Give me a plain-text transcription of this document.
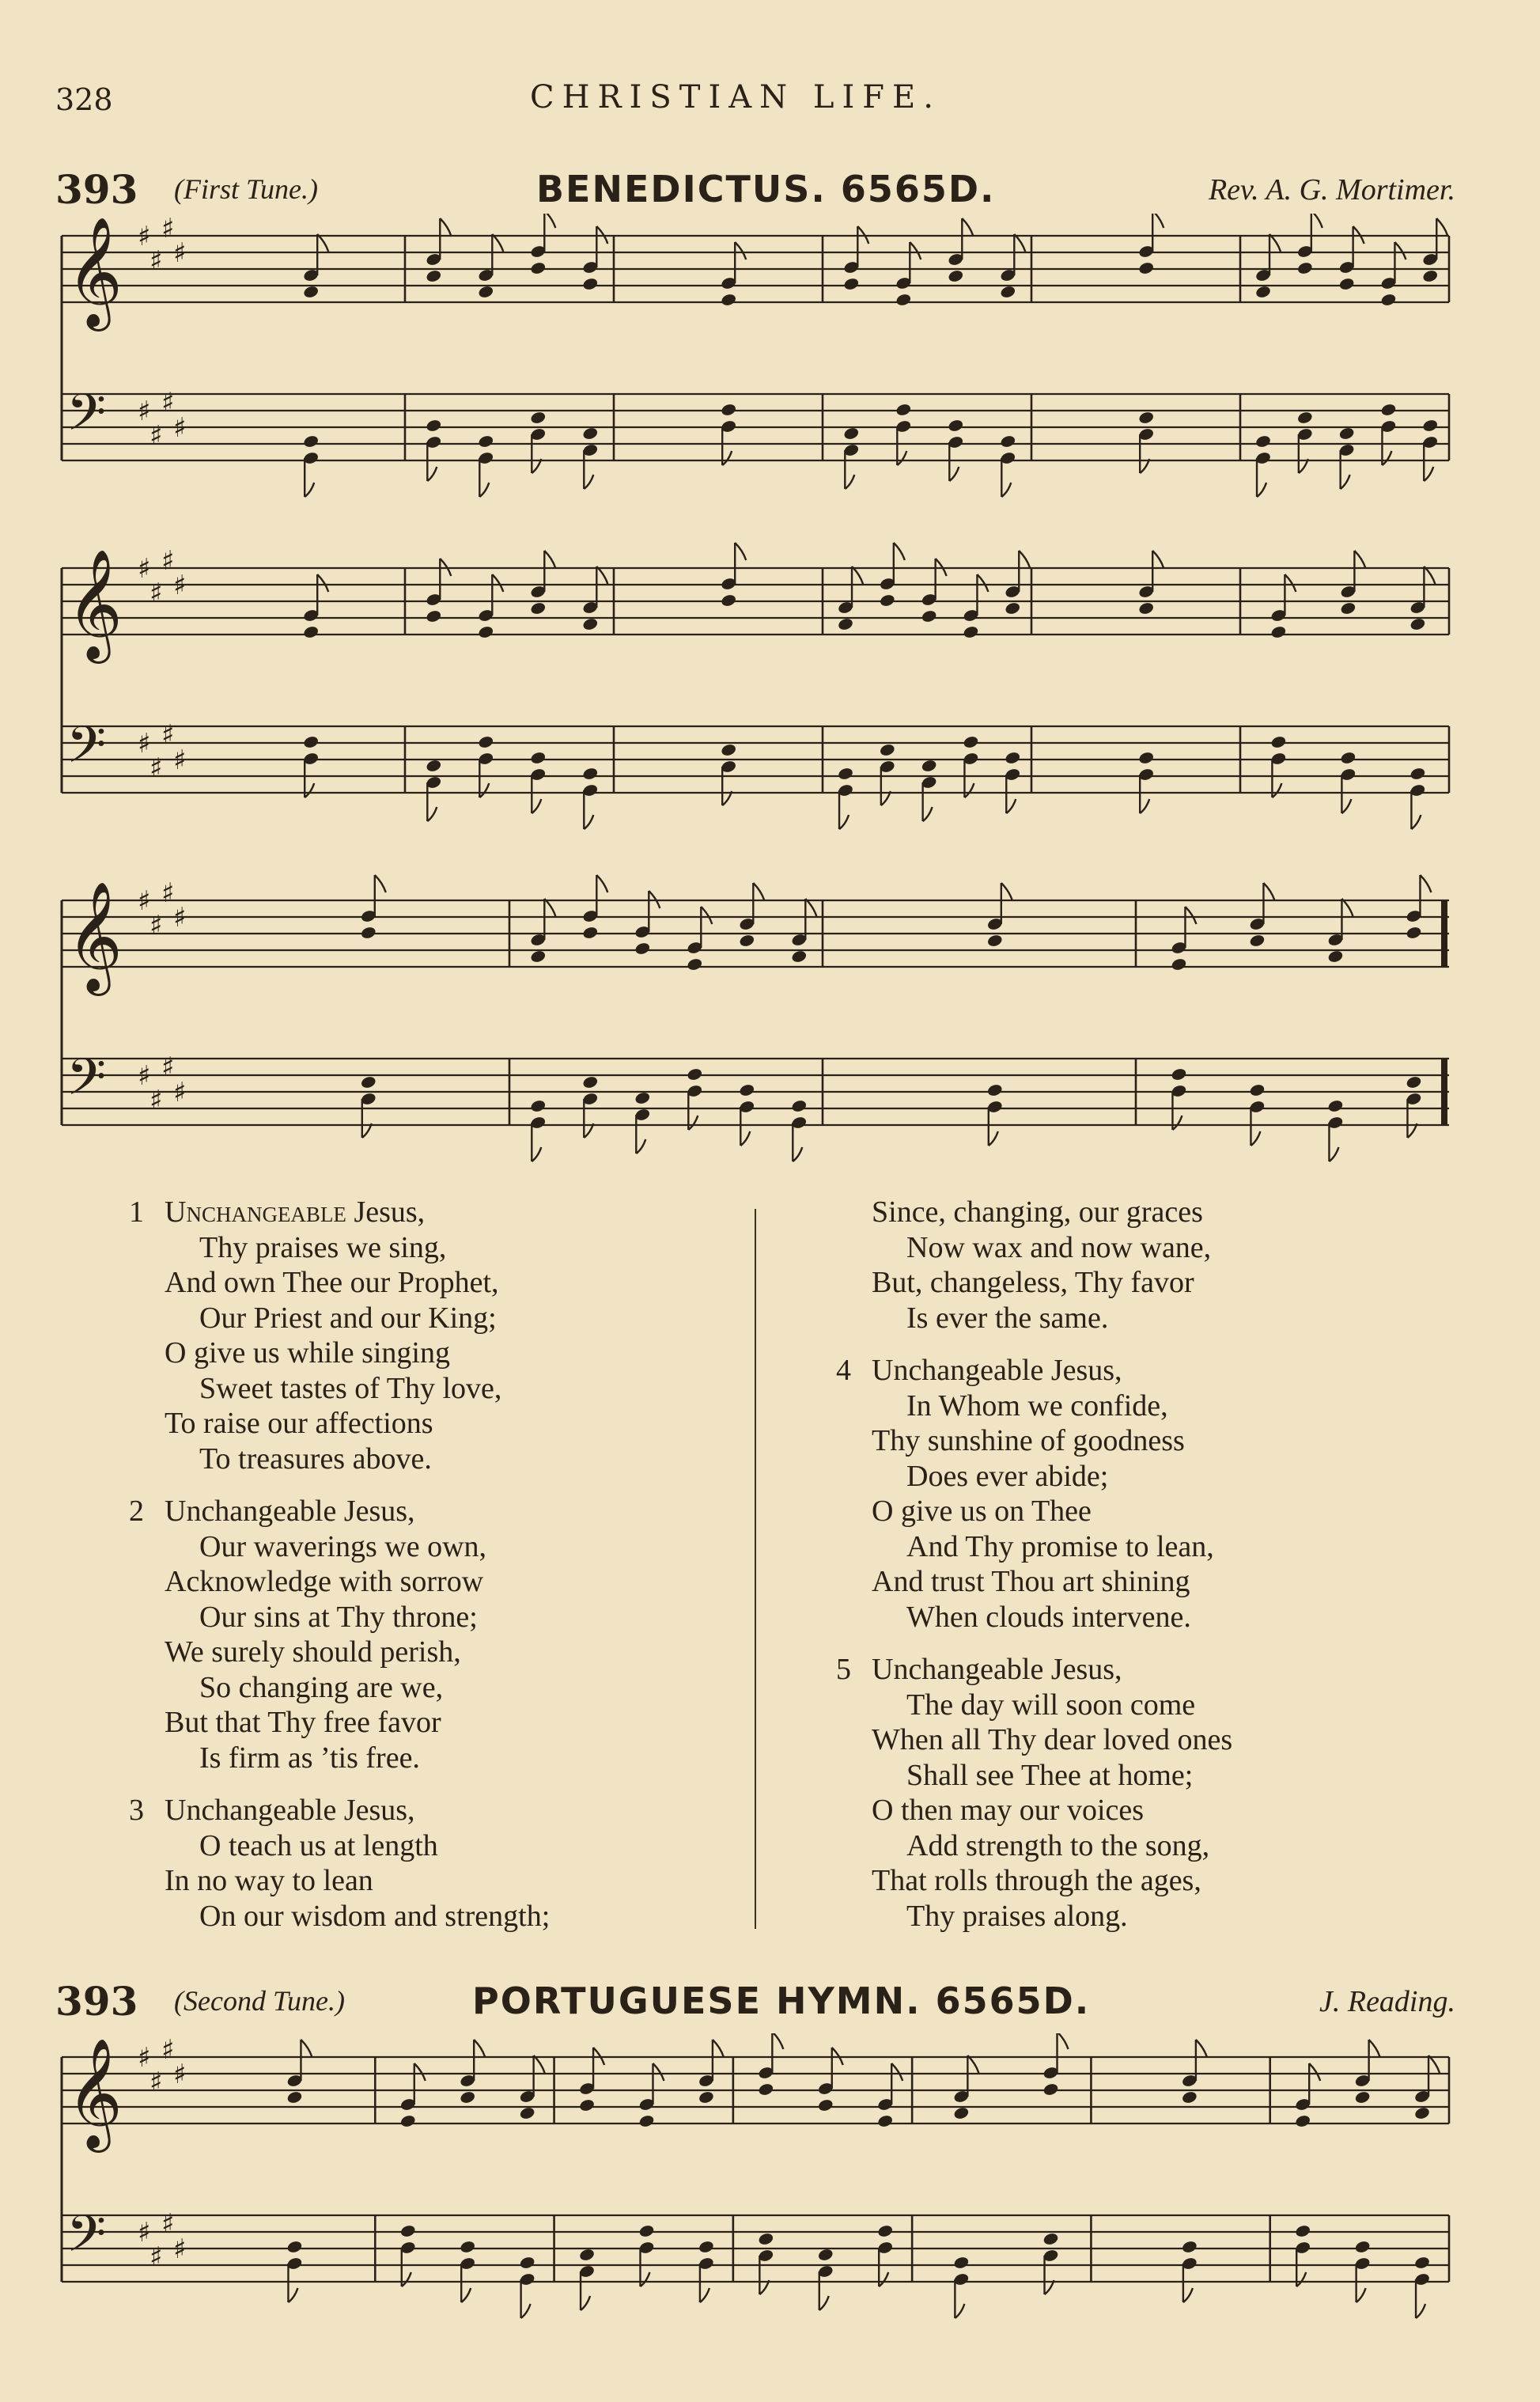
328	CHRISTIAN LIFE.
393 (First Tune.)	BENEDICTUS. 6565D.	Rev. A. G. Mortimer.
𝄞
𝄢
♯
♯
♯
♯
♯
♯
♯
♯
𝄞
𝄢
♯
♯
♯
♯
♯
♯
♯
♯
𝄞
𝄢
♯
♯
♯
♯
♯
♯
♯
♯
1 Unchangeable Jesus,
Thy praises we sing,
And own Thee our Prophet,
Our Priest and our King;
O give us while singing
Sweet tastes of Thy love,
To raise our affections
To treasures above.
2 Unchangeable Jesus,
Our waverings we own,
Acknowledge with sorrow
Our sins at Thy throne;
We surely should perish,
So changing are we,
But that Thy free favor
Is firm as ’tis free.
3 Unchangeable Jesus,
O teach us at length
In no way to lean
On our wisdom and strength;
Since, changing, our graces
Now wax and now wane,
But, changeless, Thy favor
Is ever the same.
4 Unchangeable Jesus,
In Whom we confide,
Thy sunshine of goodness
Does ever abide;
O give us on Thee
And Thy promise to lean,
And trust Thou art shining
When clouds intervene.
5 Unchangeable Jesus,
The day will soon come
When all Thy dear loved ones
Shall see Thee at home;
O then may our voices
Add strength to the song,
That rolls through the ages,
Thy praises along.
393 (Second Tune.)	PORTUGUESE HYMN. 6565D.	J. Reading.
𝄞
𝄢
♯
♯
♯
♯
♯
♯
♯
♯
